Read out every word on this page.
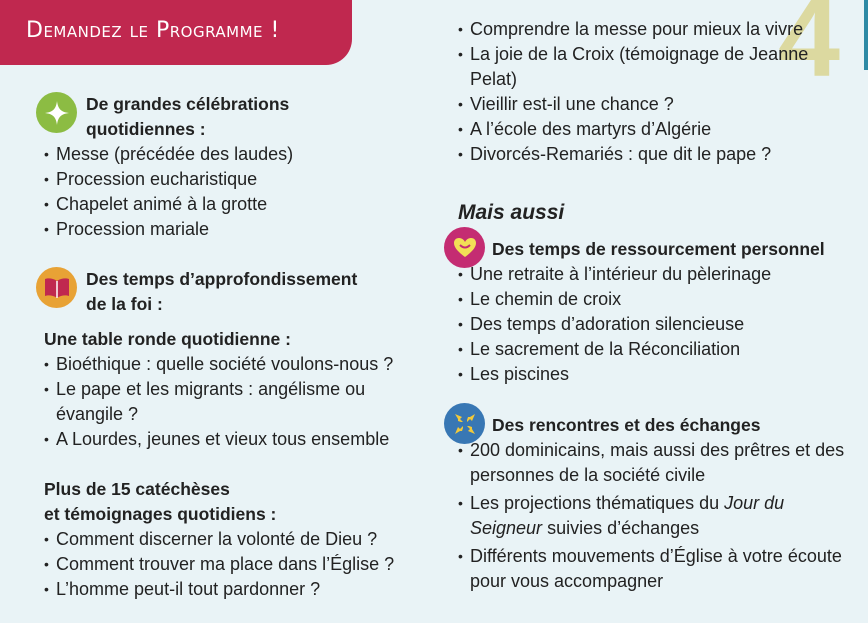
Demandez le Programme !	4
De grandes célébrations
quotidiennes :
• Messe (précédée des laudes)
• Procession eucharistique
• Chapelet animé à la grotte
• Procession mariale
Des temps d’approfondissement
de la foi :
Une table ronde quotidienne :
• Bioéthique : quelle société voulons-nous ?
• Le pape et les migrants : angélisme ou évangile ?
• A Lourdes, jeunes et vieux tous ensemble
Plus de 15 catéchèses
et témoignages quotidiens :
• Comment discerner la volonté de Dieu ?
• Comment trouver ma place dans l’Église ?
• L’homme peut-il tout pardonner ?
• Comprendre la messe pour mieux la vivre
• La joie de la Croix (témoignage de Jeanne Pelat)
• Vieillir est-il une chance ?
• A l’école des martyrs d’Algérie
• Divorcés-Remariés : que dit le pape ?
Mais aussi
Des temps de ressourcement personnel
• Une retraite à l’intérieur du pèlerinage
• Le chemin de croix
• Des temps d’adoration silencieuse
• Le sacrement de la Réconciliation
• Les piscines
Des rencontres et des échanges
• 200 dominicains, mais aussi des prêtres et des personnes de la société civile
• Les projections thématiques du Jour du Seigneur suivies d’échanges
• Différents mouvements d’Église à votre écoute pour vous accompagner
